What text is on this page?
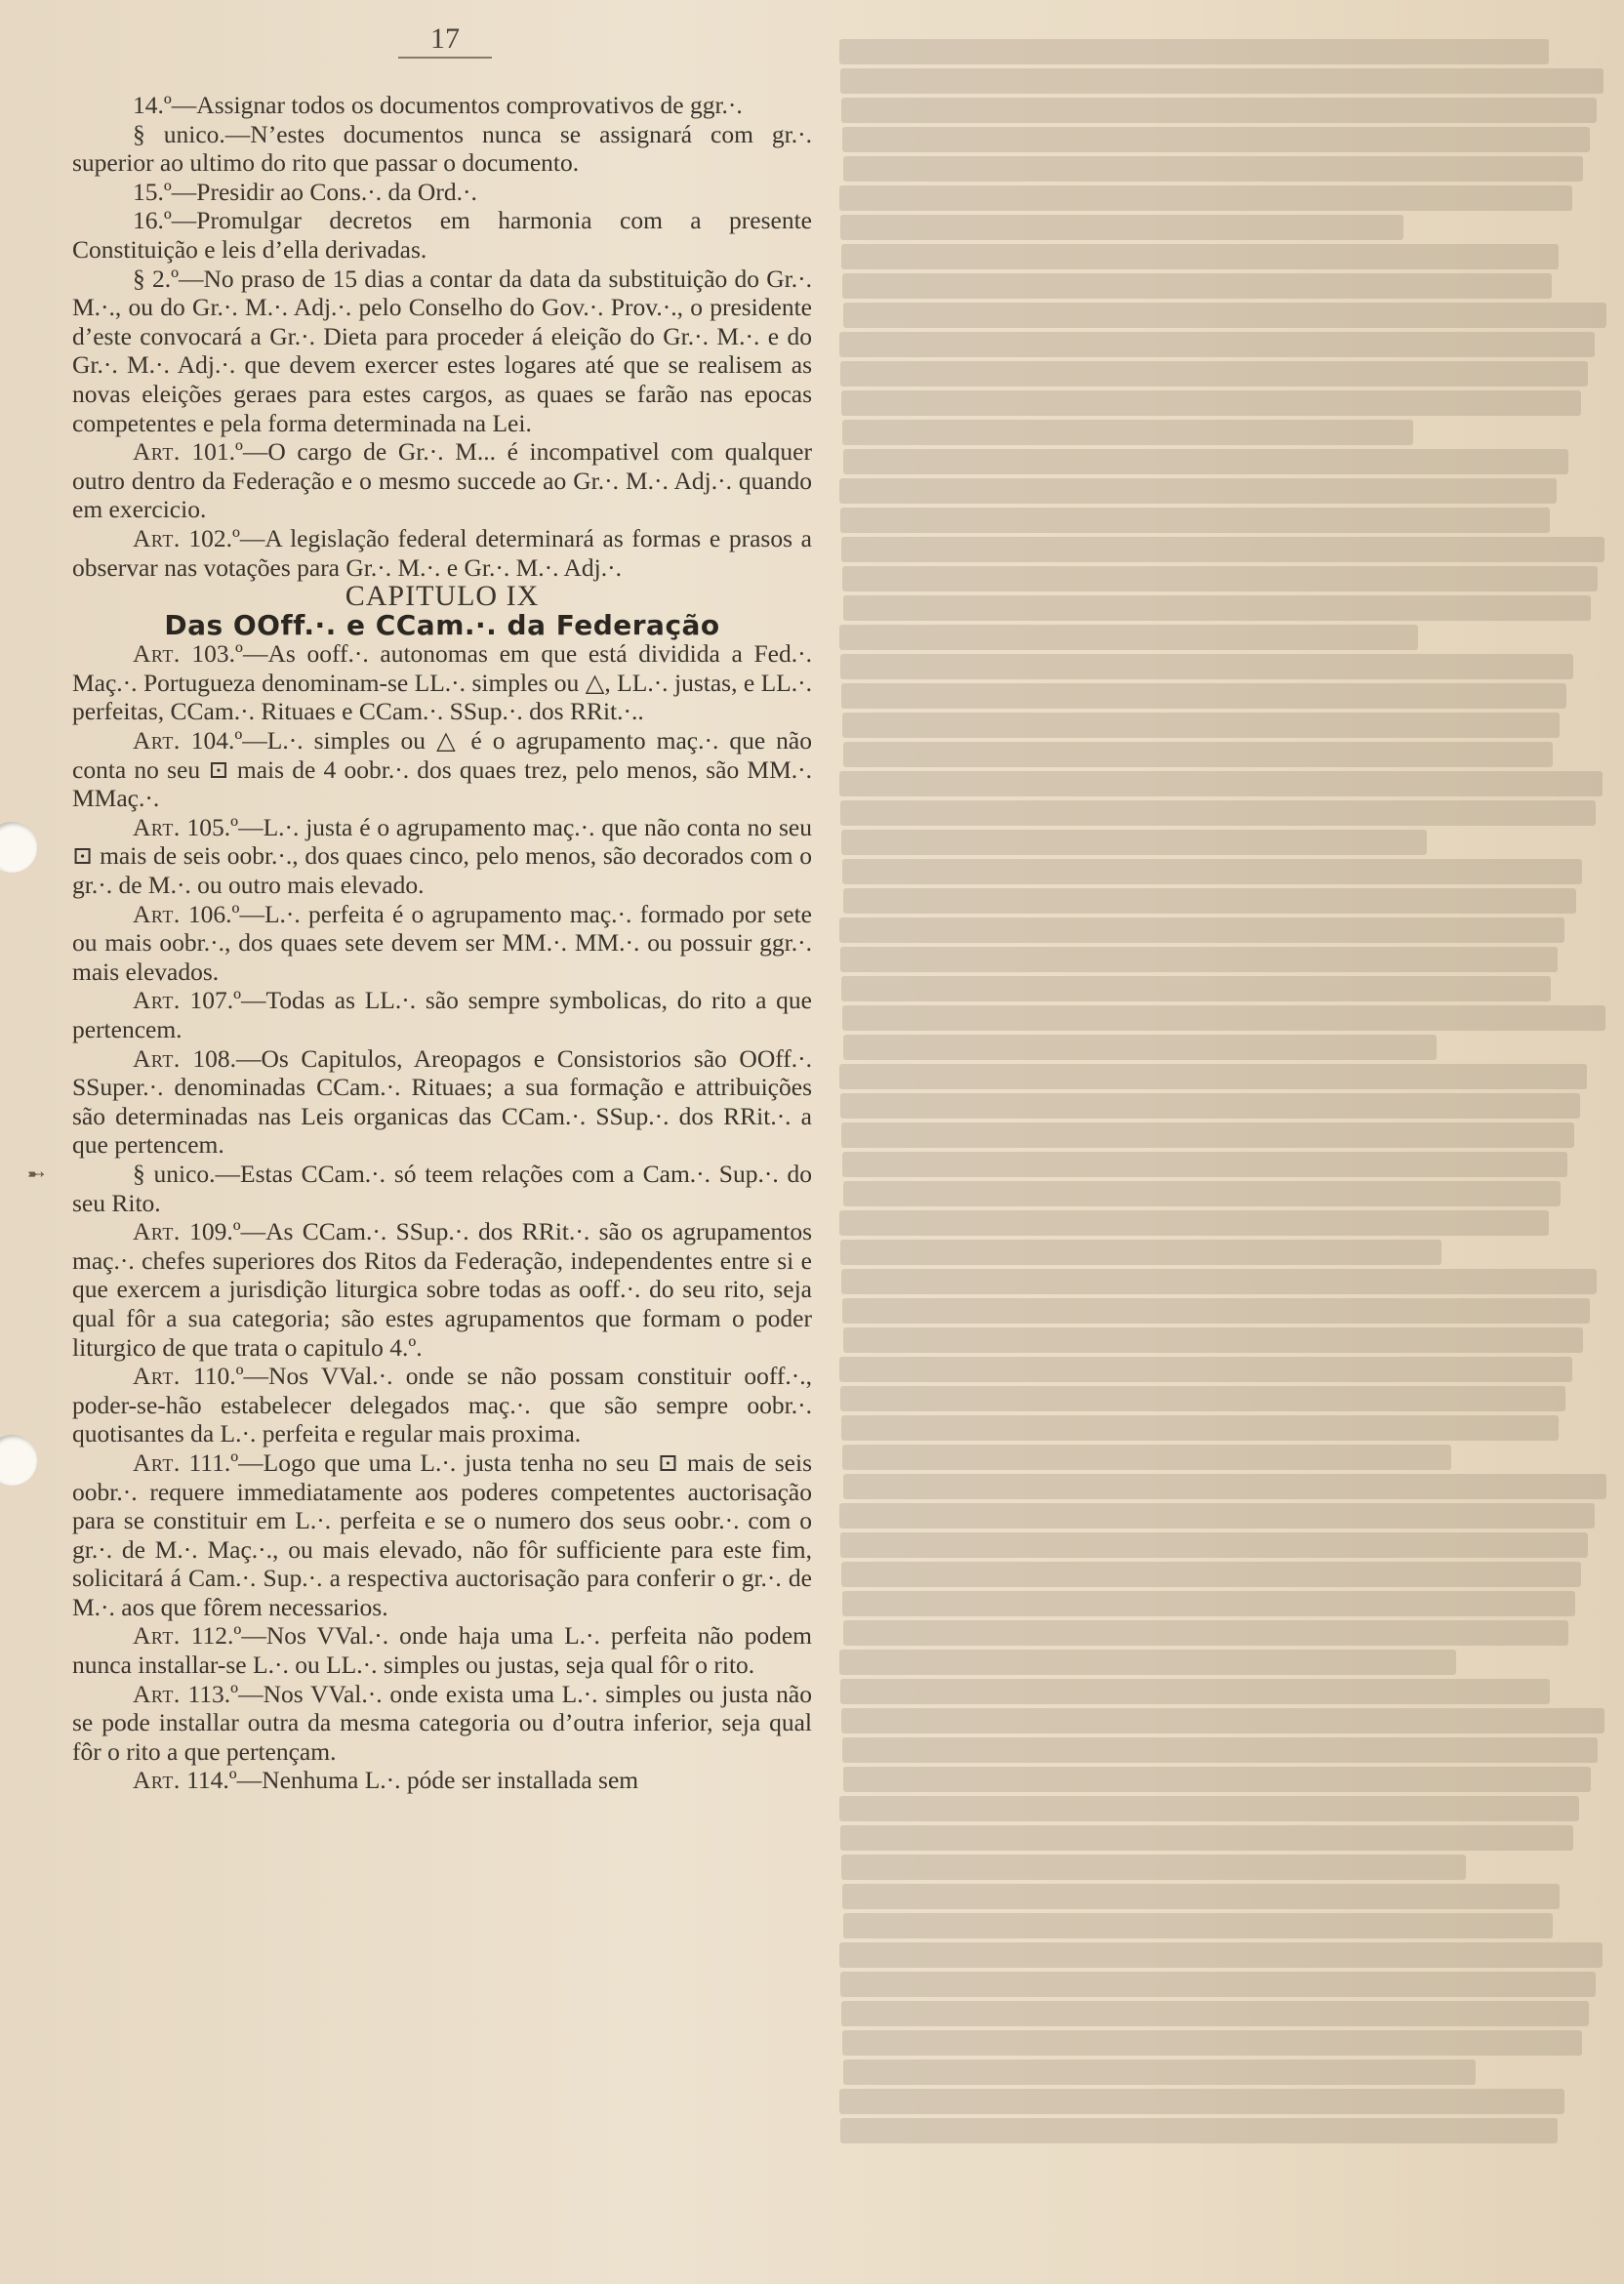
➸
17

14.º—Assignar todos os documentos comprovativos de ggr.·.

§ unico.—N’estes documentos nunca se assignará com gr.·. superior ao ultimo do rito que passar o documento.

15.º—Presidir ao Cons.·. da Ord.·.

16.º—Promulgar decretos em harmonia com a presente Constituição e leis d’ella derivadas.

§ 2.º—No praso de 15 dias a contar da data da substituição do Gr.·. M.·., ou do Gr.·. M.·. Adj.·. pelo Conselho do Gov.·. Prov.·., o presidente d’este convocará a Gr.·. Dieta para proceder á eleição do Gr.·. M.·. e do Gr.·. M.·. Adj.·. que devem exercer estes logares até que se realisem as novas eleições geraes para estes cargos, as quaes se farão nas epocas competentes e pela forma determinada na Lei.

Art. 101.º—O cargo de Gr.·. M... é incompativel com qualquer outro dentro da Federação e o mesmo succede ao Gr.·. M.·. Adj.·. quando em exercicio.

Art. 102.º—A legislação federal determinará as formas e prasos a observar nas votações para Gr.·. M.·. e Gr.·. M.·. Adj.·.

CAPITULO IX

Das OOff.·. e CCam.·. da Federação

Art. 103.º—As ooff.·. autonomas em que está dividida a Fed.·. Maç.·. Portugueza denominam-se LL.·. simples ou △, LL.·. justas, e LL.·. perfeitas, CCam.·. Rituaes e CCam.·. SSup.·. dos RRit.·..

Art. 104.º—L.·. simples ou △ é o agrupamento maç.·. que não conta no seu ⊡ mais de 4 oobr.·. dos quaes trez, pelo menos, são MM.·. MMaç.·.

Art. 105.º—L.·. justa é o agrupamento maç.·. que não conta no seu ⊡ mais de seis oobr.·., dos quaes cinco, pelo menos, são decorados com o gr.·. de M.·. ou outro mais elevado.

Art. 106.º—L.·. perfeita é o agrupamento maç.·. formado por sete ou mais oobr.·., dos quaes sete devem ser MM.·. MM.·. ou possuir ggr.·. mais elevados.

Art. 107.º—Todas as LL.·. são sempre symbolicas, do rito a que pertencem.

Art. 108.—Os Capitulos, Areopagos e Consistorios são OOff.·. SSuper.·. denominadas CCam.·. Rituaes; a sua formação e attribuições são determinadas nas Leis organicas das CCam.·. SSup.·. dos RRit.·. a que pertencem.

§ unico.—Estas CCam.·. só teem relações com a Cam.·. Sup.·. do seu Rito.

Art. 109.º—As CCam.·. SSup.·. dos RRit.·. são os agrupamentos maç.·. chefes superiores dos Ritos da Federação, independentes entre si e que exercem a jurisdição liturgica sobre todas as ooff.·. do seu rito, seja qual fôr a sua categoria; são estes agrupamentos que formam o poder liturgico de que trata o capitulo 4.º.

Art. 110.º—Nos VVal.·. onde se não possam constituir ooff.·., poder-se-hão estabelecer delegados maç.·. que são sempre oobr.·. quotisantes da L.·. perfeita e regular mais proxima.

Art. 111.º—Logo que uma L.·. justa tenha no seu ⊡ mais de seis oobr.·. requere immediatamente aos poderes competentes auctorisação para se constituir em L.·. perfeita e se o numero dos seus oobr.·. com o gr.·. de M.·. Maç.·., ou mais elevado, não fôr sufficiente para este fim, solicitará á Cam.·. Sup.·. a respectiva auctorisação para conferir o gr.·. de M.·. aos que fôrem necessarios.

Art. 112.º—Nos VVal.·. onde haja uma L.·. perfeita não podem nunca installar-se L.·. ou LL.·. simples ou justas, seja qual fôr o rito.

Art. 113.º—Nos VVal.·. onde exista uma L.·. simples ou justa não se pode installar outra da mesma categoria ou d’outra inferior, seja qual fôr o rito a que pertençam.

Art. 114.º—Nenhuma L.·. póde ser installada sem
